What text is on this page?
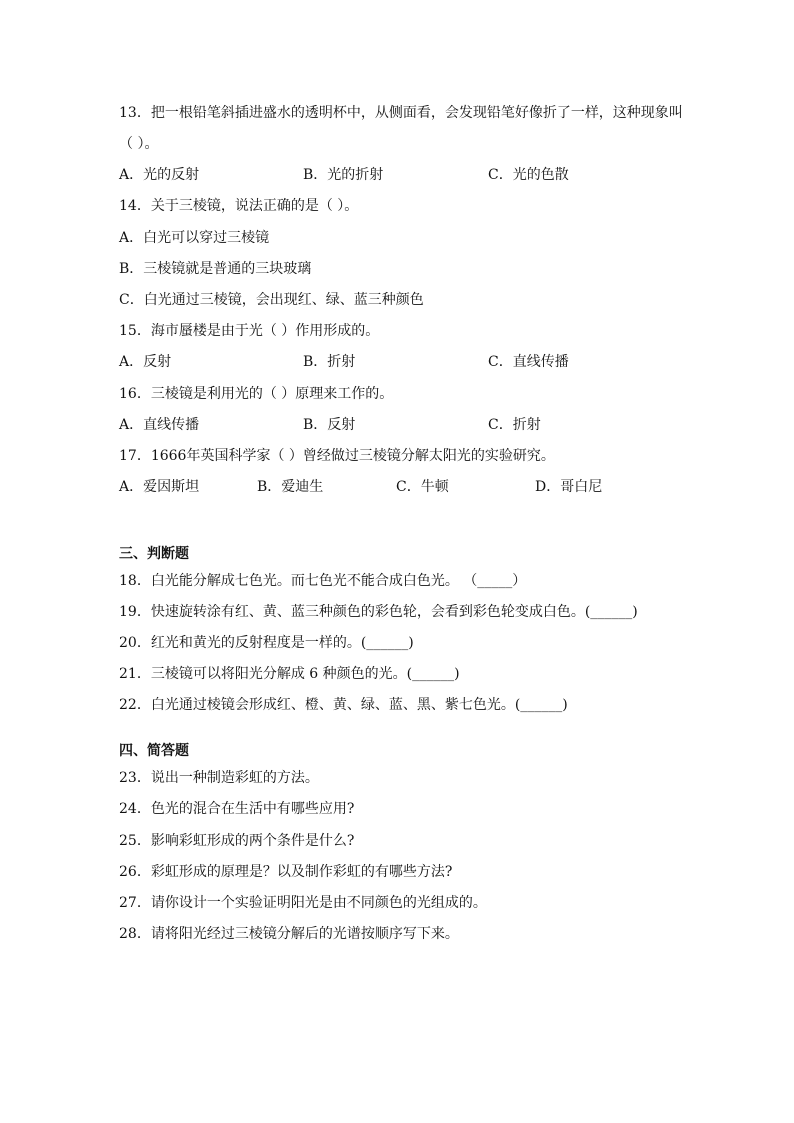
13．把一根铅笔斜插进盛水的透明杯中，从侧面看，会发现铅笔好像折了一样，这种现象叫
（ ）。
A．光的反射	B．光的折射	C．光的色散
14．关于三棱镜，说法正确的是（ ）。
A．白光可以穿过三棱镜
B．三棱镜就是普通的三块玻璃
C．白光通过三棱镜，会出现红、绿、蓝三种颜色
15．海市蜃楼是由于光（ ）作用形成的。
A．反射	B．折射	C．直线传播
16．三棱镜是利用光的（ ）原理来工作的。
A．直线传播	B．反射	C．折射
17．1666年英国科学家（ ）曾经做过三棱镜分解太阳光的实验研究。
A．爱因斯坦	B．爱迪生	C．牛顿	D．哥白尼
三、判断题
18．白光能分解成七色光。而七色光不能合成白色光。 （_____）
19．快速旋转涂有红、黄、蓝三种颜色的彩色轮，会看到彩色轮变成白色。(______)
20．红光和黄光的反射程度是一样的。(______)
21．三棱镜可以将阳光分解成 6 种颜色的光。(______)
22．白光通过棱镜会形成红、橙、黄、绿、蓝、黑、紫七色光。(______)
四、简答题
23．说出一种制造彩虹的方法。
24．色光的混合在生活中有哪些应用?
25．影响彩虹形成的两个条件是什么?
26．彩虹形成的原理是？以及制作彩虹的有哪些方法?
27．请你设计一个实验证明阳光是由不同颜色的光组成的。
28．请将阳光经过三棱镜分解后的光谱按顺序写下来。
